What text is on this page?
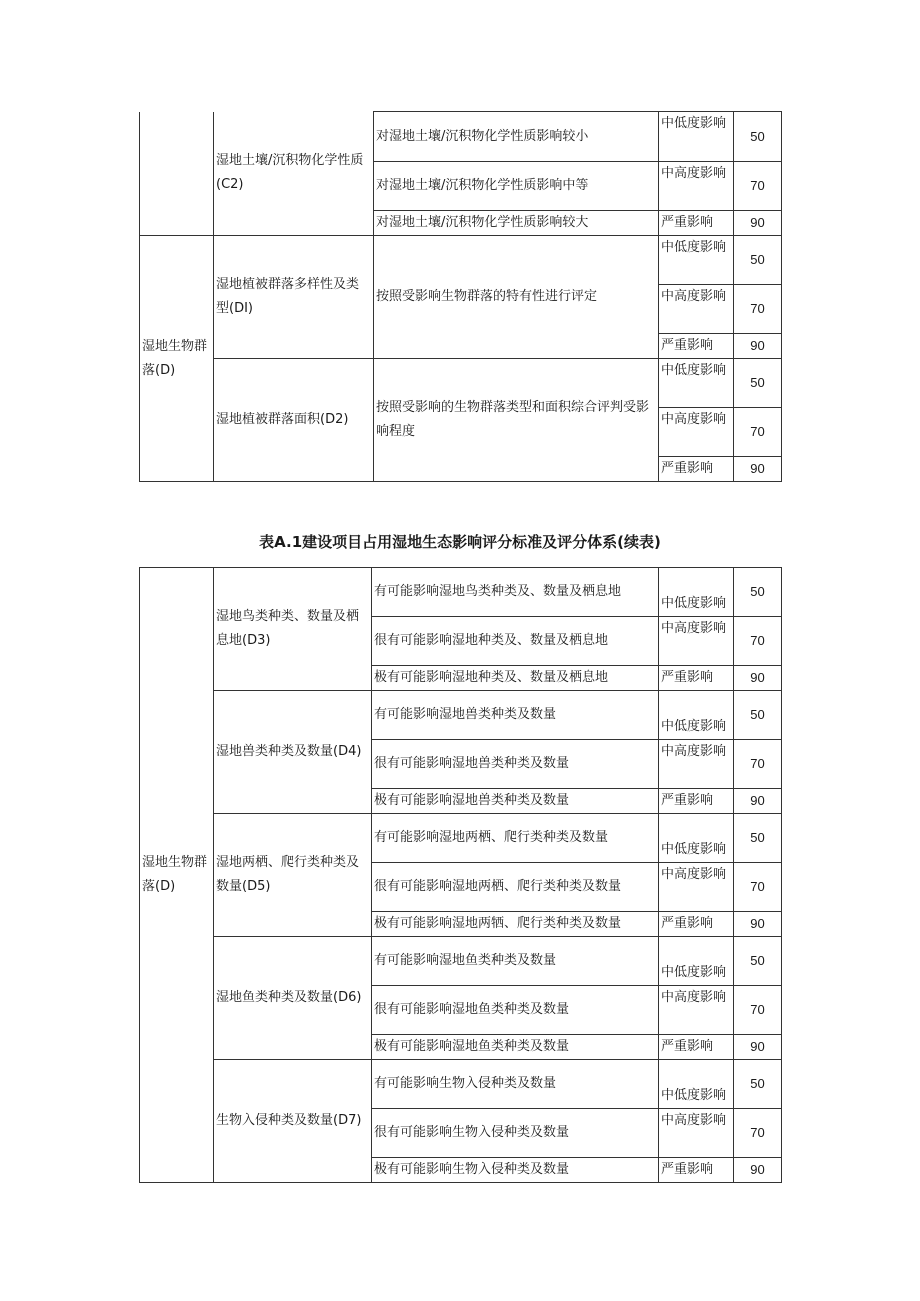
	湿地土壤/沉积物化学性质(C2)	对湿地土壤/沉积物化学性质影响较小	中低度影响	50
		对湿地土壤/沉积物化学性质影响中等	中高度影响	70
		对湿地土壤/沉积物化学性质影响较大	严重影响	90
湿地生物群落(D)	湿地植被群落多样性及类型(DI)	按照受影响生物群落的特有性进行评定	中低度影响	50
			中高度影响	70
			严重影响	90
	湿地植被群落面积(D2)	按照受影响的生物群落类型和面积综合评判受影响程度	中低度影响	50
			中高度影响	70
			严重影响	90
表A.1建设项目占用湿地生态影响评分标准及评分体系(续表)
湿地生物群落(D)	湿地鸟类种类、数量及栖息地(D3)	有可能影响湿地鸟类种类及、数量及栖息地	中低度影响	50
		很有可能影响湿地种类及、数量及栖息地	中高度影响	70
		极有可能影响湿地种类及、数量及栖息地	严重影响	90
	湿地兽类种类及数量(D4)	有可能影响湿地兽类种类及数量	中低度影响	50
		很有可能影响湿地兽类种类及数量	中高度影响	70
		极有可能影响湿地兽类种类及数量	严重影响	90
	湿地两栖、爬行类种类及数量(D5)	有可能影响湿地两栖、爬行类种类及数量	中低度影响	50
		很有可能影响湿地两栖、爬行类种类及数量	中高度影响	70
		极有可能影响湿地两牺、爬行类种类及数量	严重影响	90
	湿地鱼类种类及数量(D6)	有可能影响湿地鱼类种类及数量	中低度影响	50
		很有可能影响湿地鱼类种类及数量	中高度影响	70
		极有可能影响湿地鱼类种类及数量	严重影响	90
	生物入侵种类及数量(D7)	有可能影响生物入侵种类及数量	中低度影响	50
		很有可能影响生物入侵种类及数量	中高度影响	70
		极有可能影响生物入侵种类及数量	严重影响	90
